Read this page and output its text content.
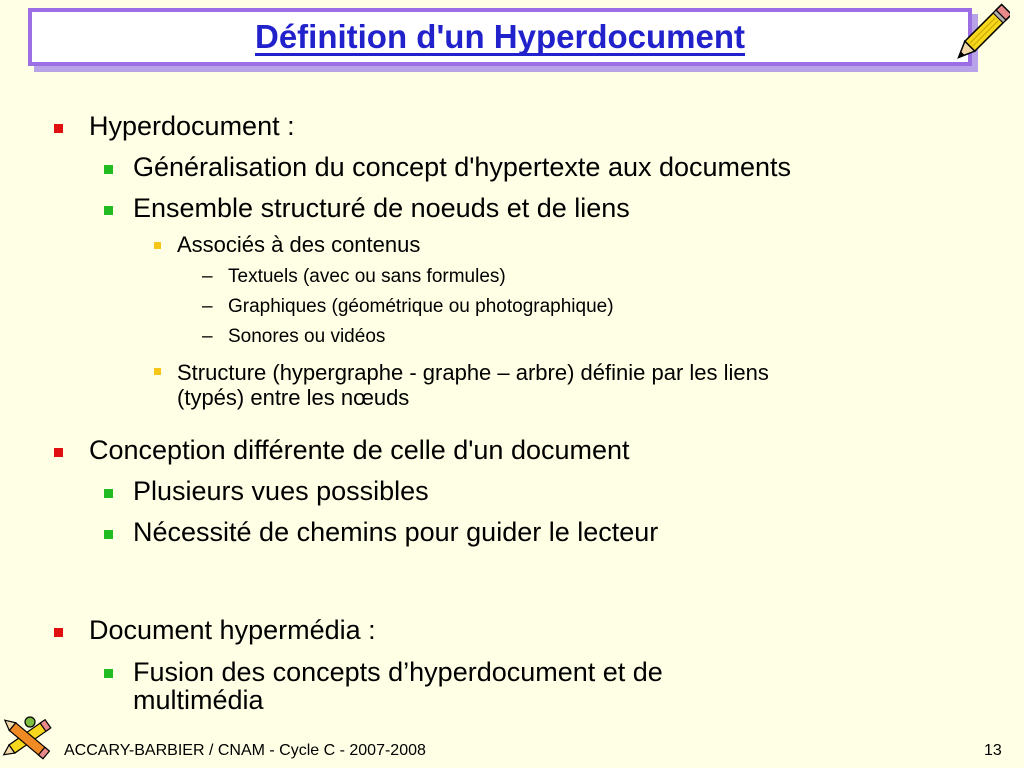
Définition d'un Hyperdocument
Hyperdocument :
Généralisation du concept d'hypertexte aux documents
Ensemble structuré de noeuds et de liens
Associés à des contenus
– Textuels (avec ou sans formules)
– Graphiques (géométrique ou photographique)
– Sonores ou vidéos
Structure (hypergraphe - graphe – arbre) définie par les liens
(typés) entre les nœuds
Conception différente de celle d'un document
Plusieurs vues possibles
Nécessité de chemins pour guider le lecteur
Document hypermédia :
Fusion des concepts d’hyperdocument et de
multimédia
ACCARY-BARBIER / CNAM - Cycle C - 2007-2008	13
